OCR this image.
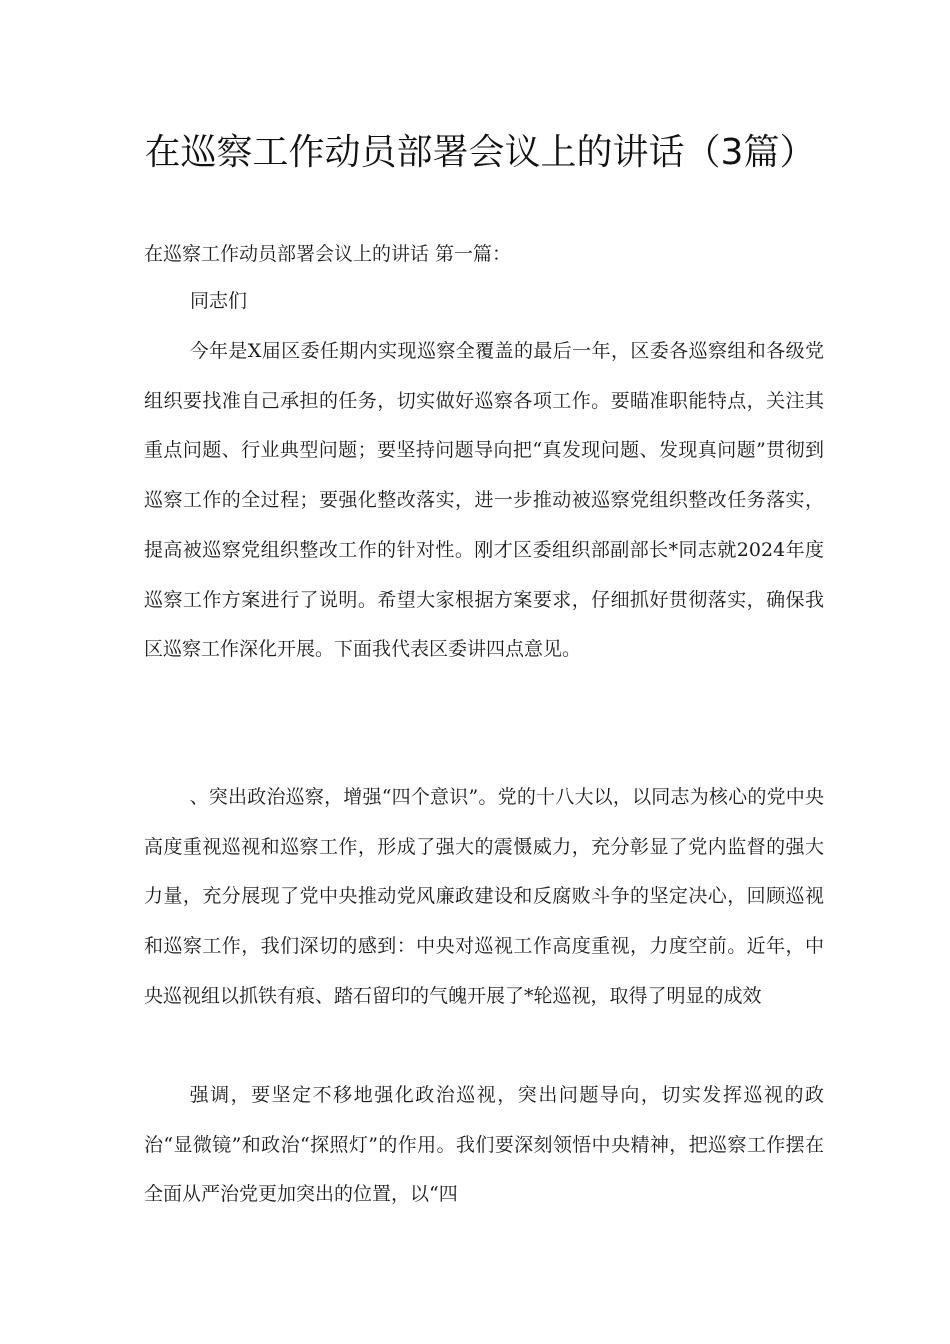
在巡察工作动员部署会议上的讲话（3篇）

在巡察工作动员部署会议上的讲话 第一篇：

同志们

今年是X届区委任期内实现巡察全覆盖的最后一年，区委各巡察组和各级党组织要找准自己承担的任务，切实做好巡察各项工作。要瞄准职能特点，关注其重点问题、行业典型问题；要坚持问题导向把“真发现问题、发现真问题”贯彻到巡察工作的全过程；要强化整改落实，进一步推动被巡察党组织整改任务落实，提高被巡察党组织整改工作的针对性。刚才区委组织部副部长*同志就2024年度巡察工作方案进行了说明。希望大家根据方案要求，仔细抓好贯彻落实，确保我区巡察工作深化开展。下面我代表区委讲四点意见。

、突出政治巡察，增强“四个意识”。党的十八大以，以同志为核心的党中央高度重视巡视和巡察工作，形成了强大的震慑威力，充分彰显了党内监督的强大力量，充分展现了党中央推动党风廉政建设和反腐败斗争的坚定决心，回顾巡视和巡察工作，我们深切的感到：中央对巡视工作高度重视，力度空前。近年，中央巡视组以抓铁有痕、踏石留印的气魄开展了*轮巡视，取得了明显的成效

强调，要坚定不移地强化政治巡视，突出问题导向，切实发挥巡视的政治“显微镜”和政治“探照灯”的作用。我们要深刻领悟中央精神，把巡察工作摆在全面从严治党更加突出的位置，以“四
